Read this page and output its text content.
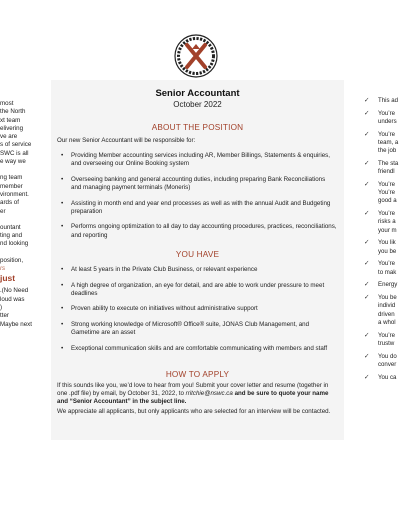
most
the North
xt team
elivering
ve are
s of service
SWC is all
e way we
ng team
member
vironment.
ards of
er
ountant
ting and
nd looking
position,
rs
just
.(No Need
loud was
)
tter
Maybe next
Senior Accountant
October 2022
ABOUT THE POSITION
Our new Senior Accountant will be responsible for:
• Providing Member accounting services including AR, Member Billings, Statements & enquiries, and overseeing our Online Booking system
• Overseeing banking and general accounting duties, including preparing Bank Reconciliations and managing payment terminals (Moneris)
• Assisting in month end and year end processes as well as with the annual Audit and Budgeting preparation
• Performs ongoing optimization to all day to day accounting procedures, practices, reconciliations, and reporting
YOU HAVE
• At least 5 years in the Private Club Business, or relevant experience
• A high degree of organization, an eye for detail, and are able to work under pressure to meet deadlines
• Proven ability to execute on initiatives without administrative support
• Strong working knowledge of Microsoft® Office® suite, JONAS Club Management, and Gametime are an asset
• Exceptional communication skills and are comfortable communicating with members and staff
HOW TO APPLY

If this sounds like you, we’d love to hear from you! Submit your cover letter and resume (together in one .pdf file) by email, by October 31, 2022, to rritchie@nswc.ca and be sure to quote your name and “Senior Accountant” in the subject line.

We appreciate all applicants, but only applicants who are selected for an interview will be contacted.

✓ This ad
✓ You’re
unders
✓ You’re
team, a
the job
✓ The sta
friendl
✓ You’re
You’re
good a
✓ You’re
risks a
your m
✓ You lik
you be
✓ You’re
to mak
✓ Energy
✓ You be
individ
driven
a whol
✓ You’re
trustw
✓ You do
conver
✓ You ca
